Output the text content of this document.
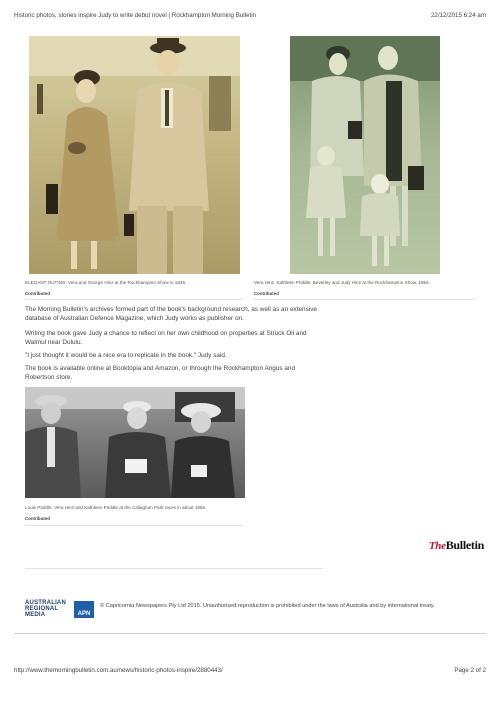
Historic photos, stories inspire Judy to write debut novel | Rockhampton Morning Bulletin	22/12/2015 6:24 am
ELEGANT OUTING: Vera and George Hinz at the Rockhampton Show in 1935.
Contributed
Vera Hinz, Kathleen Priddle, Beverley and Judy Hinz at the Rockhampton Show, 1954.
Contributed

The Morning Bulletin's archives formed part of the book's background research, as well as an extensive database of Australian Defence Magazine, which Judy works as publisher on.

Writing the book gave Judy a chance to reflect on her own childhood on properties at Struck Oil and Walmul near Dululu.

"I just thought it would be a nice era to replicate in the book," Judy said.

The book is available online at Booktopia and Amazon, or through the Rockhampton Angus and Robertson store.

Louis Priddle, Vera Hinz and Kathleen Priddle at the Callaghan Park races in about 1956.
Contributed
TheBulletin
AUSTRALIAN
REGIONAL
MEDIA	APN
© Capricornia Newspapers Pty Ltd 2015. Unauthorised reproduction is prohibited under the laws of Australia and by international treaty.
http://www.themorningbulletin.com.au/news/historic-photos-inspire/2880443/	Page 2 of 2
